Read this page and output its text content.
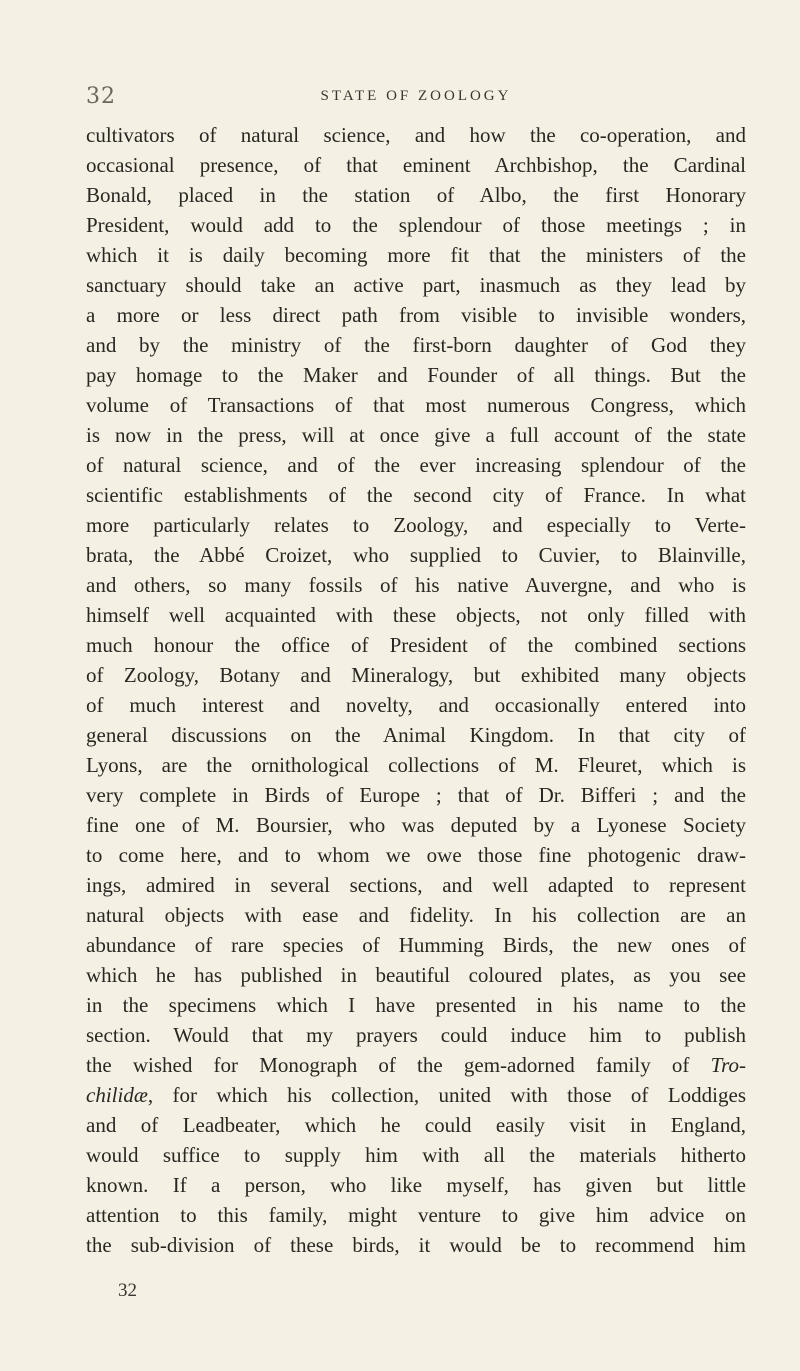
32	STATE OF ZOOLOGY
cultivators of natural science, and how the co-operation, and
occasional presence, of that eminent Archbishop, the Cardinal
Bonald, placed in the station of Albo, the first Honorary
President, would add to the splendour of those meetings ; in
which it is daily becoming more fit that the ministers of the
sanctuary should take an active part, inasmuch as they lead by
a more or less direct path from visible to invisible wonders,
and by the ministry of the first-born daughter of God they
pay homage to the Maker and Founder of all things. But the
volume of Transactions of that most numerous Congress, which
is now in the press, will at once give a full account of the state
of natural science, and of the ever increasing splendour of the
scientific establishments of the second city of France. In what
more particularly relates to Zoology, and especially to Verte-
brata, the Abbé Croizet, who supplied to Cuvier, to Blainville,
and others, so many fossils of his native Auvergne, and who is
himself well acquainted with these objects, not only filled with
much honour the office of President of the combined sections
of Zoology, Botany and Mineralogy, but exhibited many objects
of much interest and novelty, and occasionally entered into
general discussions on the Animal Kingdom. In that city of
Lyons, are the ornithological collections of M. Fleuret, which is
very complete in Birds of Europe ; that of Dr. Bifferi ; and the
fine one of M. Boursier, who was deputed by a Lyonese Society
to come here, and to whom we owe those fine photogenic draw-
ings, admired in several sections, and well adapted to represent
natural objects with ease and fidelity. In his collection are an
abundance of rare species of Humming Birds, the new ones of
which he has published in beautiful coloured plates, as you see
in the specimens which I have presented in his name to the
section. Would that my prayers could induce him to publish
the wished for Monograph of the gem-adorned family of Tro-
chilidæ, for which his collection, united with those of Loddiges
and of Leadbeater, which he could easily visit in England,
would suffice to supply him with all the materials hitherto
known. If a person, who like myself, has given but little
attention to this family, might venture to give him advice on
the sub-division of these birds, it would be to recommend him
32
